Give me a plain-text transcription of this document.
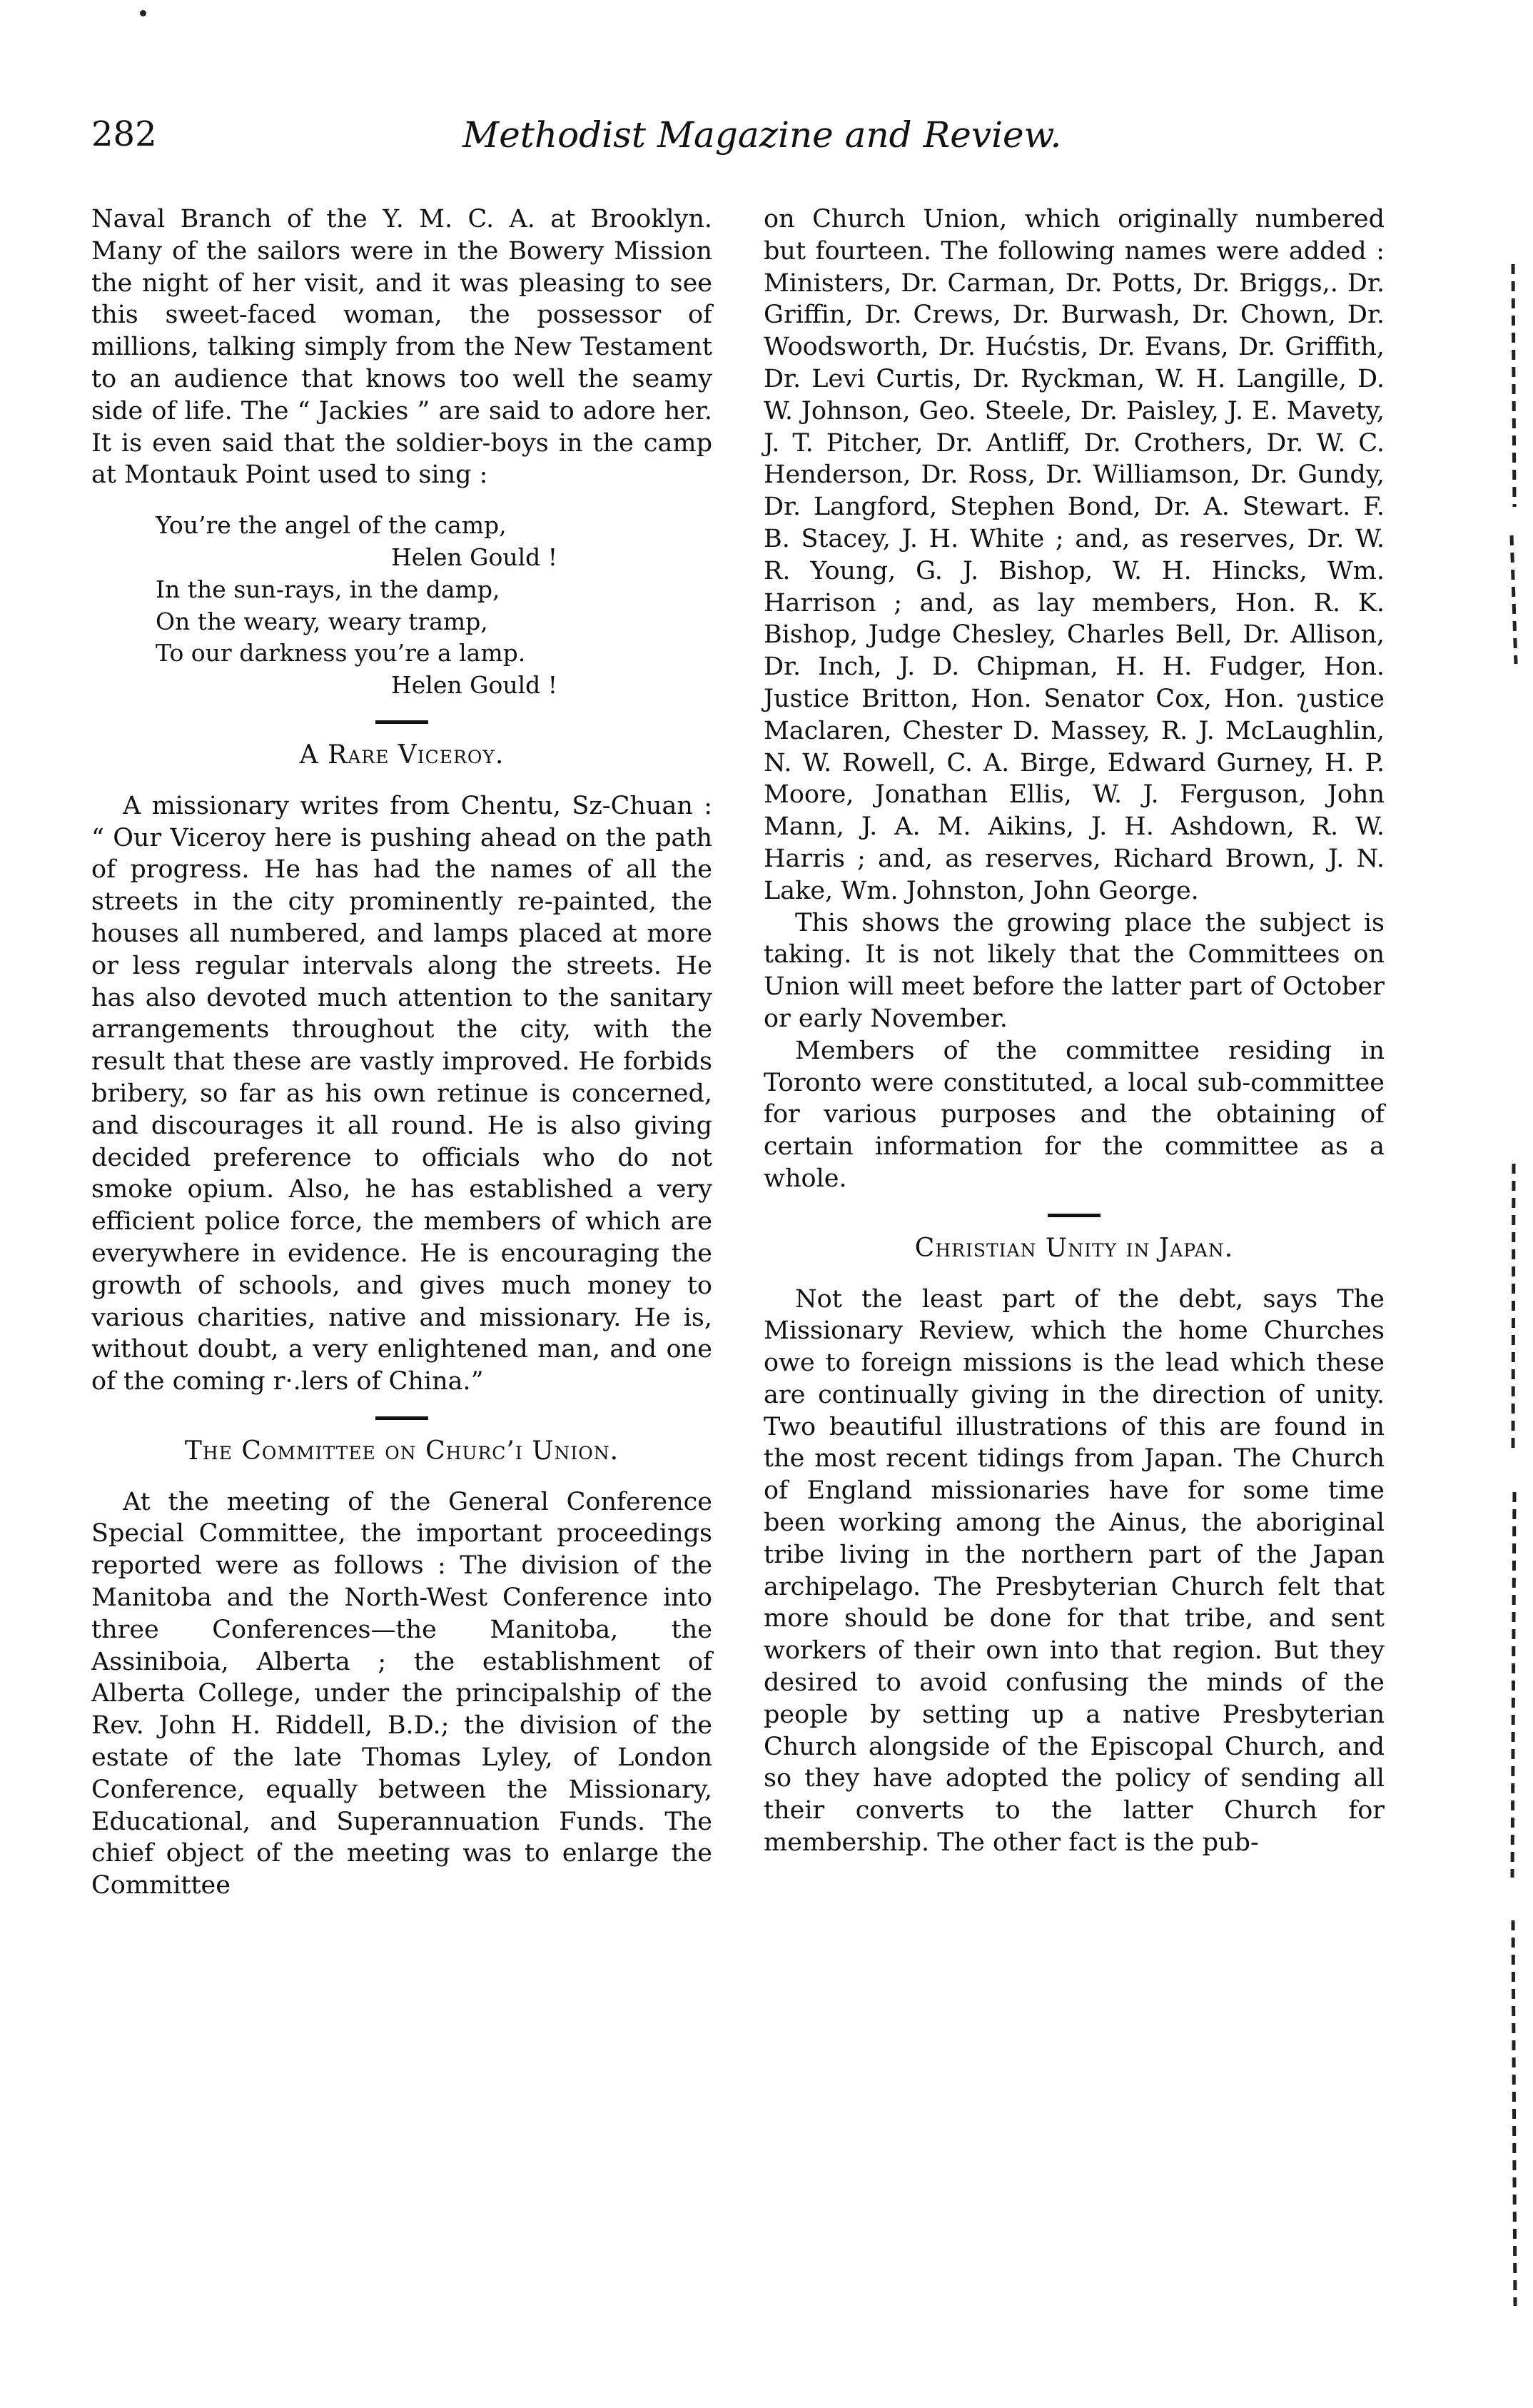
282	Methodist Magazine and Review.

Naval Branch of the Y. M. C. A. at Brooklyn. Many of the sailors were in the Bowery Mission the night of her visit, and it was pleasing to see this sweet-faced woman, the possessor of millions, talking simply from the New Testament to an audience that knows too well the seamy side of life. The “ Jackies ” are said to adore her. It is even said that the soldier-boys in the camp at Montauk Point used to sing :

You’re the angel of the camp,
Helen Gould !
In the sun-rays, in the damp,
On the weary, weary tramp,
To our darkness you’re a lamp.
Helen Gould !
A Rare Viceroy.

A missionary writes from Chentu, Sz-Chuan : “ Our Viceroy here is pushing ahead on the path of progress. He has had the names of all the streets in the city prominently re-painted, the houses all numbered, and lamps placed at more or less regular intervals along the streets. He has also devoted much attention to the sanitary arrangements throughout the city, with the result that these are vastly improved. He forbids bribery, so far as his own retinue is concerned, and discourages it all round. He is also giving decided preference to officials who do not smoke opium. Also, he has established a very efficient police force, the members of which are everywhere in evidence. He is encouraging the growth of schools, and gives much money to various charities, native and missionary. He is, without doubt, a very enlightened man, and one of the coming r·.lers of China.”

The Committee on Churc’ı Union.

At the meeting of the General Conference Special Committee, the important proceedings reported were as follows : The division of the Manitoba and the North-West Conference into three Conferences—the Manitoba, the Assiniboia, Alberta ; the establishment of Alberta College, under the principalship of the Rev. John H. Riddell, B.D.; the division of the estate of the late Thomas Lyley, of London Conference, equally between the Missionary, Educational, and Superannuation Funds. The chief object of the meeting was to enlarge the Committee

on Church Union, which originally numbered but fourteen. The following names were added : Ministers, Dr. Carman, Dr. Potts, Dr. Briggs,. Dr. Griffin, Dr. Crews, Dr. Burwash, Dr. Chown, Dr. Woodsworth, Dr. Hućstis, Dr. Evans, Dr. Griffith, Dr. Levi Curtis, Dr. Ryckman, W. H. Langille, D. W. Johnson, Geo. Steele, Dr. Paisley, J. E. Mavety, J. T. Pitcher, Dr. Antliff, Dr. Crothers, Dr. W. C. Henderson, Dr. Ross, Dr. Williamson, Dr. Gundy, Dr. Langford, Stephen Bond, Dr. A. Stewart. F. B. Stacey, J. H. White ; and, as reserves, Dr. W. R. Young, G. J. Bishop, W. H. Hincks, Wm. Harrison ; and, as lay members, Hon. R. K. Bishop, Judge Chesley, Charles Bell, Dr. Allison, Dr. Inch, J. D. Chipman, H. H. Fudger, Hon. Justice Britton, Hon. Senator Cox, Hon. ʅustice Maclaren, Chester D. Massey, R. J. McLaughlin, N. W. Rowell, C. A. Birge, Edward Gurney, H. P. Moore, Jonathan Ellis, W. J. Ferguson, John Mann, J. A. M. Aikins, J. H. Ashdown, R. W. Harris ; and, as reserves, Richard Brown, J. N. Lake, Wm. Johnston, John George.

This shows the growing place the subject is taking. It is not likely that the Committees on Union will meet before the latter part of October or early November.

Members of the committee residing in Toronto were constituted, a local sub-committee for various purposes and the obtaining of certain information for the committee as a whole.

Christian Unity in Japan.

Not the least part of the debt, says The Missionary Review, which the home Churches owe to foreign missions is the lead which these are continually giving in the direction of unity. Two beautiful illustrations of this are found in the most recent tidings from Japan. The Church of England missionaries have for some time been working among the Ainus, the aboriginal tribe living in the northern part of the Japan archipelago. The Presbyterian Church felt that more should be done for that tribe, and sent workers of their own into that region. But they desired to avoid confusing the minds of the people by setting up a native Presbyterian Church alongside of the Episcopal Church, and so they have adopted the policy of sending all their converts to the latter Church for membership. The other fact is the pub-
